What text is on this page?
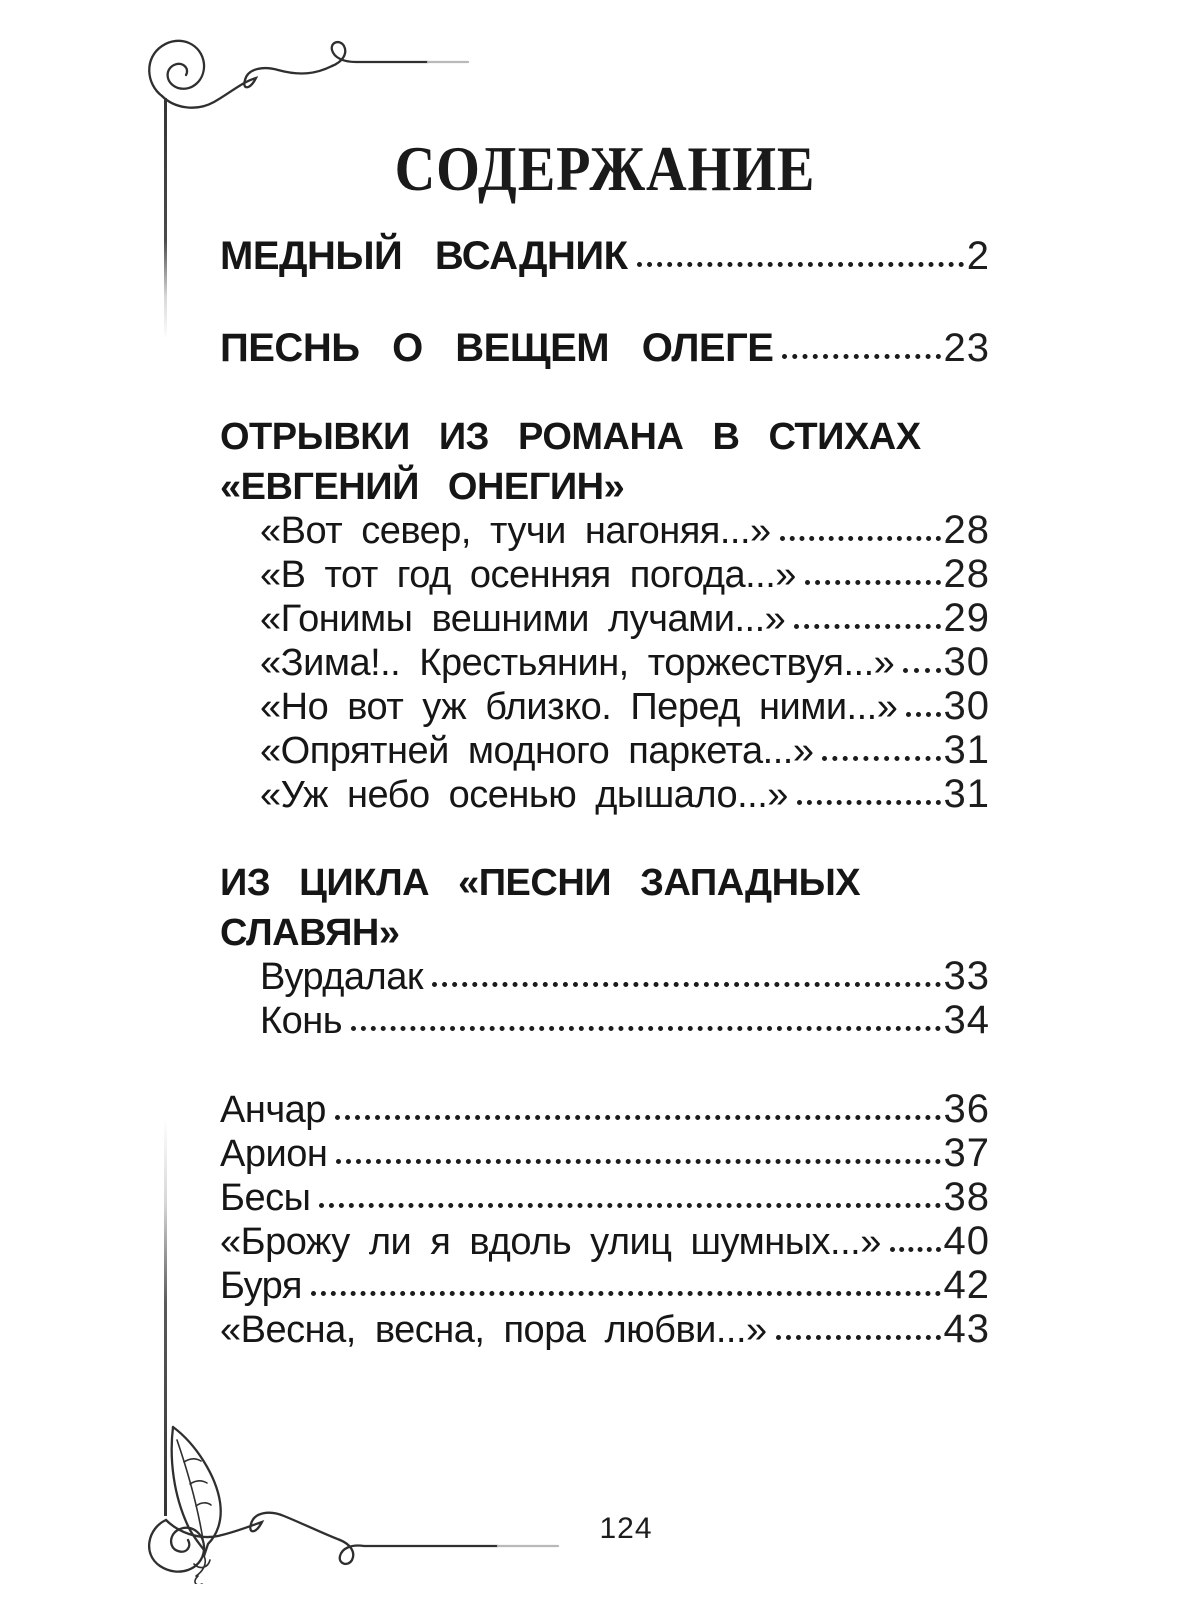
СОДЕРЖАНИЕ
МЕДНЫЙ ВСАДНИК	2
ПЕСНЬ О ВЕЩЕМ ОЛЕГЕ	23
ОТРЫВКИ ИЗ РОМАНА В СТИХАХ «ЕВГЕНИЙ ОНЕГИН»
«Вот север, тучи нагоняя...»	28
«В тот год осенняя погода...»	28
«Гонимы вешними лучами...»	29
«Зима!.. Крестьянин, торжествуя...» 30
«Но вот уж близко. Перед ними...» 30
«Опрятней модного паркета...»	31
«Уж небо осенью дышало...»	31
ИЗ ЦИКЛА «ПЕСНИ ЗАПАДНЫХ СЛАВЯН»
Вурдалак	33
Конь	34
Анчар	36
Арион	37
Бесы	38
«Брожу ли я вдоль улиц шумных...» 40
Буря	42
«Весна, весна, пора любви...»	43
124
